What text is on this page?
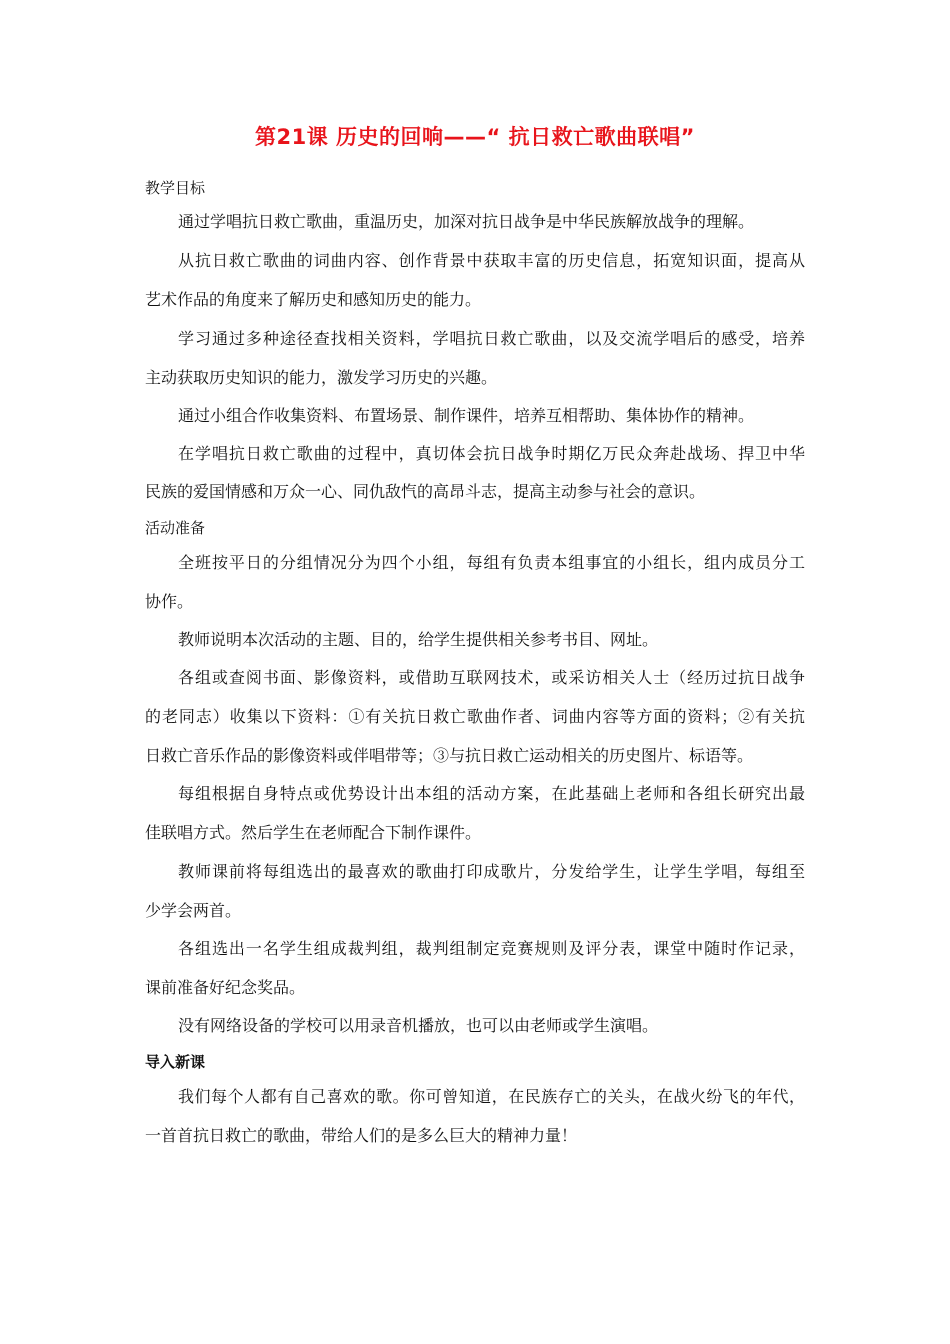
第21课 历史的回响——“ 抗日救亡歌曲联唱”
教学目标
通过学唱抗日救亡歌曲，重温历史，加深对抗日战争是中华民族解放战争的理解。
从抗日救亡歌曲的词曲内容、创作背景中获取丰富的历史信息，拓宽知识面，提高从
艺术作品的角度来了解历史和感知历史的能力。
学习通过多种途径查找相关资料，学唱抗日救亡歌曲，以及交流学唱后的感受，培养
主动获取历史知识的能力，激发学习历史的兴趣。
通过小组合作收集资料、布置场景、制作课件，培养互相帮助、集体协作的精神。
在学唱抗日救亡歌曲的过程中，真切体会抗日战争时期亿万民众奔赴战场、捍卫中华
民族的爱国情感和万众一心、同仇敌忾的高昂斗志，提高主动参与社会的意识。
活动准备
全班按平日的分组情况分为四个小组，每组有负责本组事宜的小组长，组内成员分工
协作。
教师说明本次活动的主题、目的，给学生提供相关参考书目、网址。
各组或查阅书面、影像资料，或借助互联网技术，或采访相关人士（经历过抗日战争
的老同志）收集以下资料：①有关抗日救亡歌曲作者、词曲内容等方面的资料；②有关抗
日救亡音乐作品的影像资料或伴唱带等；③与抗日救亡运动相关的历史图片、标语等。
每组根据自身特点或优势设计出本组的活动方案，在此基础上老师和各组长研究出最
佳联唱方式。然后学生在老师配合下制作课件。
教师课前将每组选出的最喜欢的歌曲打印成歌片，分发给学生，让学生学唱，每组至
少学会两首。
各组选出一名学生组成裁判组，裁判组制定竞赛规则及评分表，课堂中随时作记录，
课前准备好纪念奖品。
没有网络设备的学校可以用录音机播放，也可以由老师或学生演唱。
导入新课
我们每个人都有自己喜欢的歌。你可曾知道，在民族存亡的关头，在战火纷飞的年代，
一首首抗日救亡的歌曲，带给人们的是多么巨大的精神力量！
